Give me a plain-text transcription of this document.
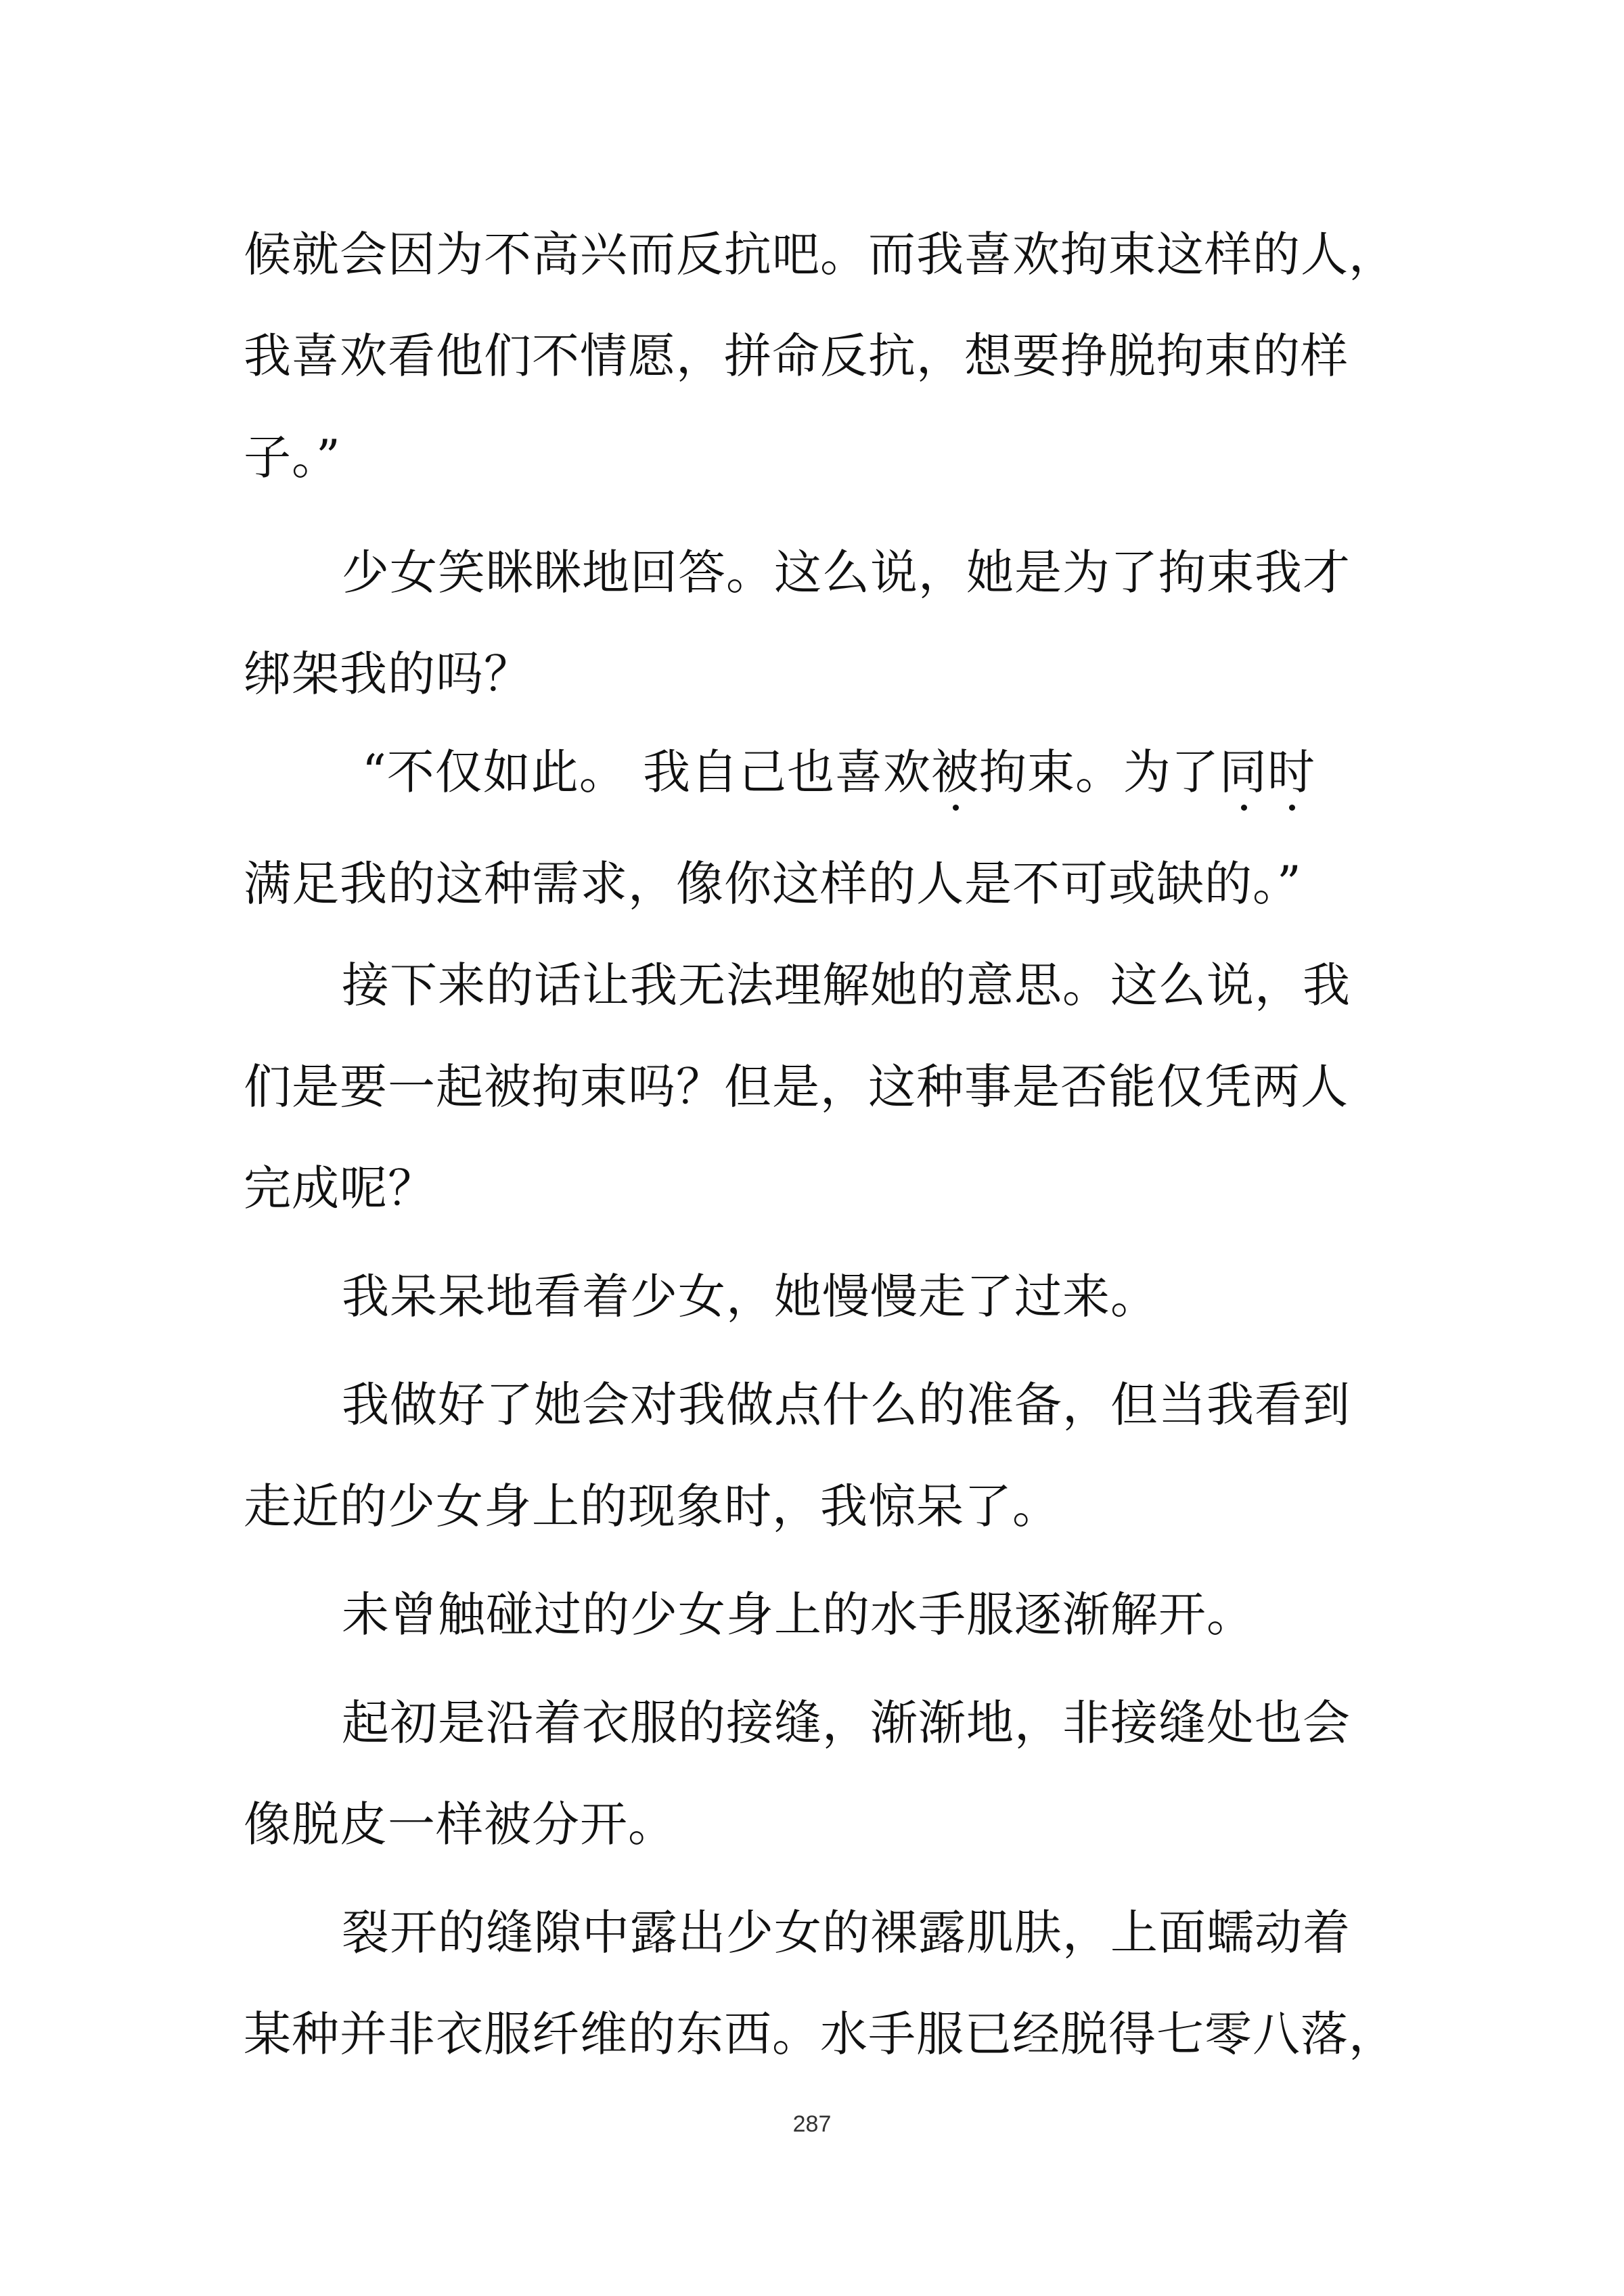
候就会因为不高兴而反抗吧。而我喜欢拘束这样的人，
我喜欢看他们不情愿，拼命反抗，想要挣脱拘束的样
子。”
少女笑眯眯地回答。这么说，她是为了拘束我才
绑架我的吗？
“不仅如此。 我自己也喜欢被拘束。为了同时
满足我的这种需求，像你这样的人是不可或缺的。”
接下来的话让我无法理解她的意思。这么说，我
们是要一起被拘束吗？但是，这种事是否能仅凭两人
完成呢？
我呆呆地看着少女，她慢慢走了过来。
我做好了她会对我做点什么的准备，但当我看到
走近的少女身上的现象时，我惊呆了。
未曾触碰过的少女身上的水手服逐渐解开。
起初是沿着衣服的接缝，渐渐地，非接缝处也会
像脱皮一样被分开。
裂开的缝隙中露出少女的裸露肌肤，上面蠕动着
某种并非衣服纤维的东西。水手服已经脱得七零八落，
287
